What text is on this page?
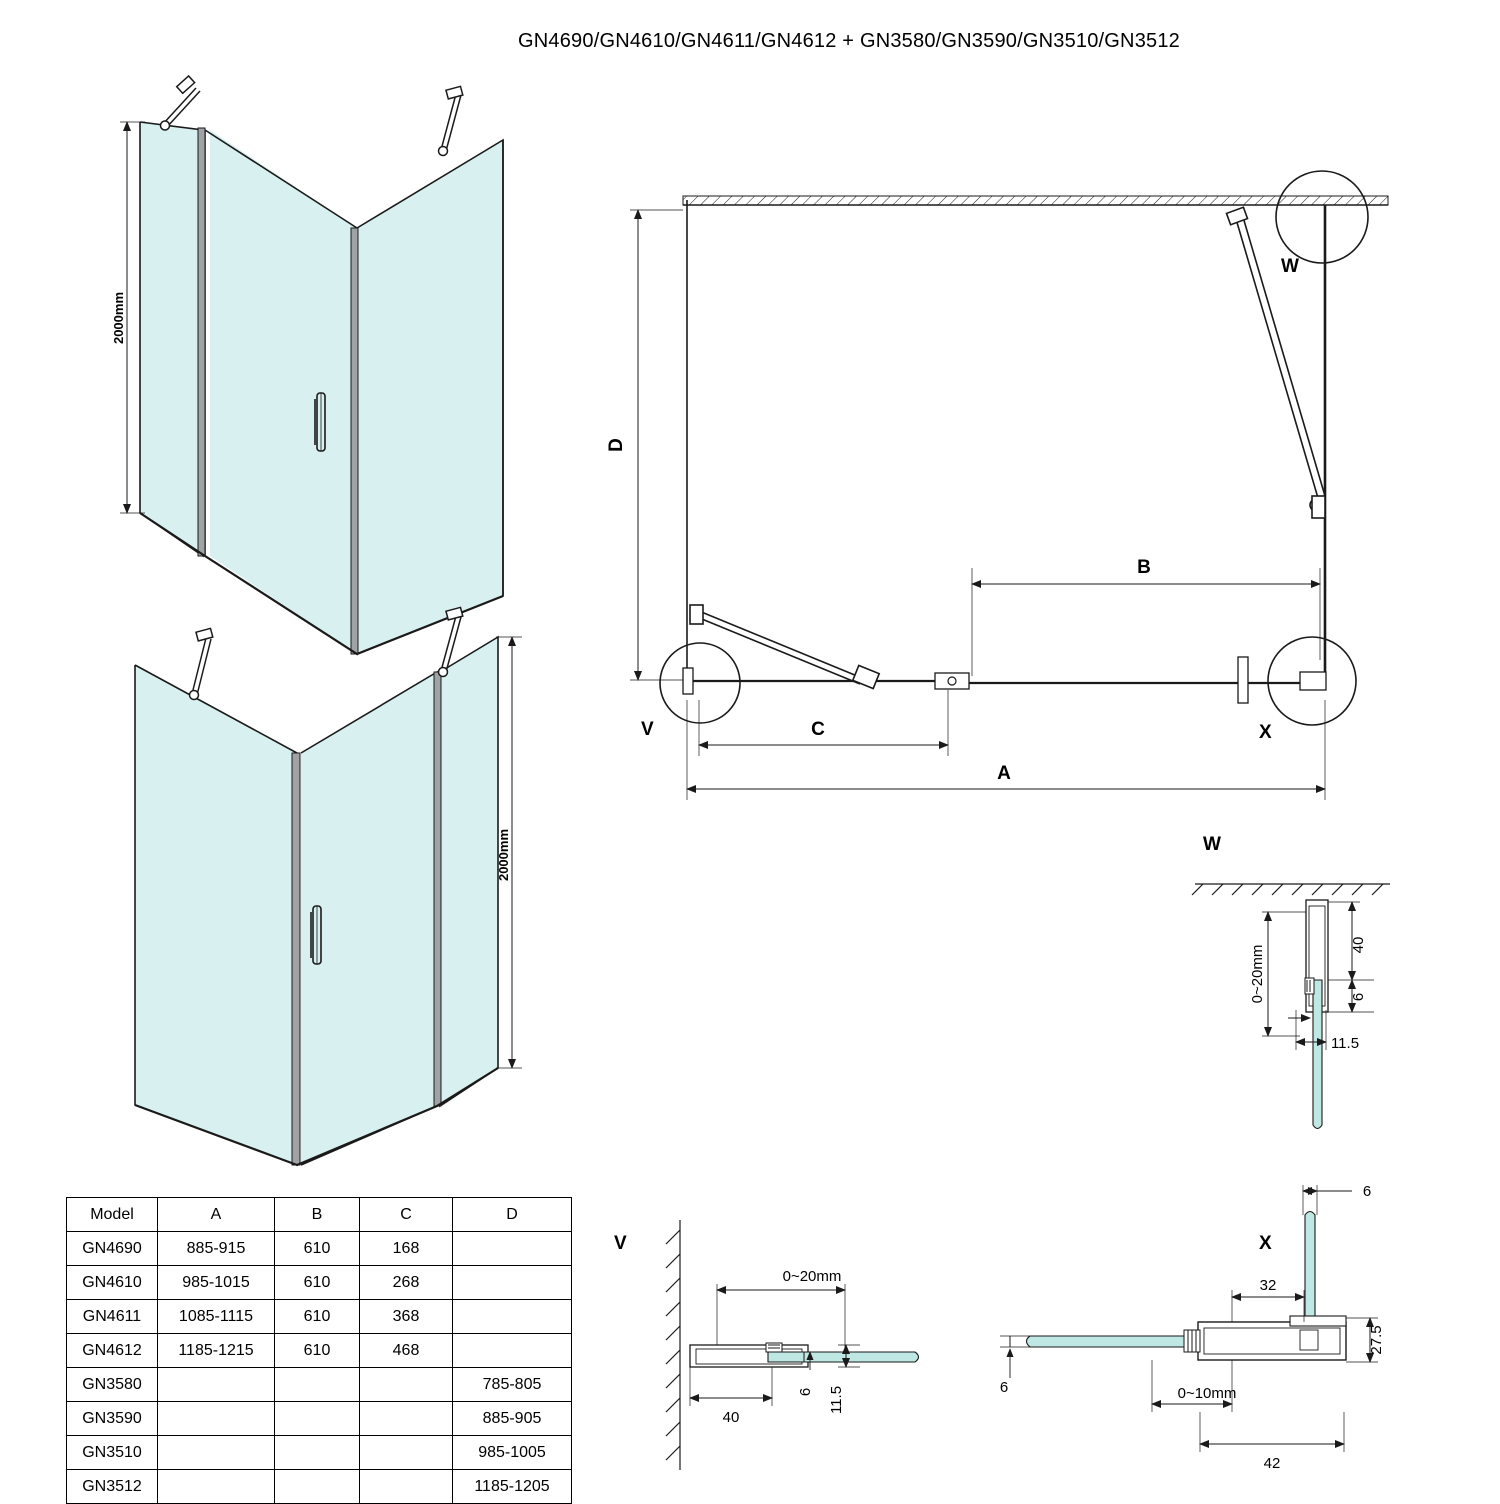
GN4690/GN4610/GN4611/GN4612 + GN3580/GN3590/GN3510/GN3512
2000mm
2000mm
W
V	X
D
B
C
A
W
40
6
11.5
0~20mm
V
0~20mm
40
6 11.5
X
6
32
27.5
6	0~10mm
42
Model	A	B	C	D
GN4690	885-915	610	168	
GN4610	985-1015	610	268	
GN4611	1085-1115	610	368	
GN4612	1185-1215	610	468	
GN3580				785-805
GN3590				885-905
GN3510				985-1005
GN3512				1185-1205
